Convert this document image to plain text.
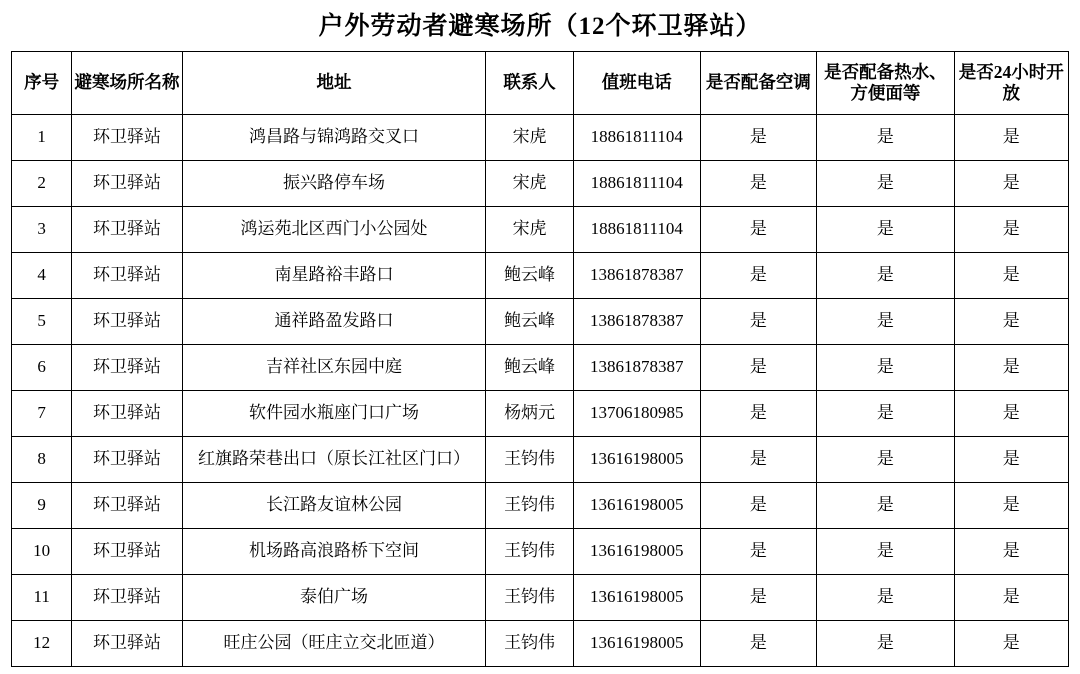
户外劳动者避寒场所（12个环卫驿站）
序号	避寒场所名称	地址	联系人	值班电话	是否配备空调	是否配备热水、方便面等	是否24小时开放
1	环卫驿站	鸿昌路与锦鸿路交叉口	宋虎	18861811104	是	是	是
2	环卫驿站	振兴路停车场	宋虎	18861811104	是	是	是
3	环卫驿站	鸿运苑北区西门小公园处	宋虎	18861811104	是	是	是
4	环卫驿站	南星路裕丰路口	鲍云峰	13861878387	是	是	是
5	环卫驿站	通祥路盈发路口	鲍云峰	13861878387	是	是	是
6	环卫驿站	吉祥社区东园中庭	鲍云峰	13861878387	是	是	是
7	环卫驿站	软件园水瓶座门口广场	杨炳元	13706180985	是	是	是
8	环卫驿站	红旗路荣巷出口（原长江社区门口）	王钧伟	13616198005	是	是	是
9	环卫驿站	长江路友谊林公园	王钧伟	13616198005	是	是	是
10	环卫驿站	机场路高浪路桥下空间	王钧伟	13616198005	是	是	是
11	环卫驿站	泰伯广场	王钧伟	13616198005	是	是	是
12	环卫驿站	旺庄公园（旺庄立交北匝道）	王钧伟	13616198005	是	是	是
